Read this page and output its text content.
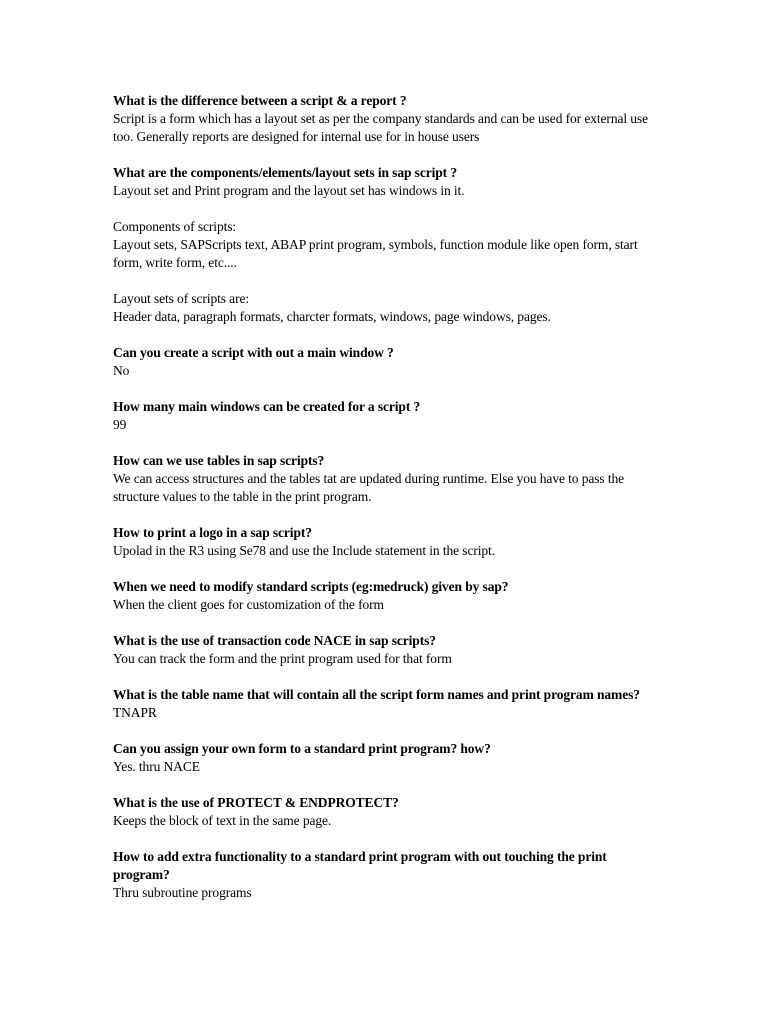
What is the difference between a script & a report ?
Script is a form which has a layout set as per the company standards and can be used for external use too. Generally reports are designed for internal use for in house users
What are the components/elements/layout sets in sap script ?
Layout set and Print program and the layout set has windows in it.
Components of scripts:
Layout sets, SAPScripts text, ABAP print program, symbols, function module like open form, start form, write form, etc....
Layout sets of scripts are:
Header data, paragraph formats, charcter formats, windows, page windows, pages.
Can you create a script with out a main window ?
No
How many main windows can be created for a script ?
99
How can we use tables in sap scripts?
We can access structures and the tables tat are updated during runtime. Else you have to pass the structure values to the table in the print program.
How to print a logo in a sap script?
Upolad in the R3 using Se78 and use the Include statement in the script.
When we need to modify standard scripts (eg:medruck) given by sap?
When the client goes for customization of the form
What is the use of transaction code NACE in sap scripts?
You can track the form and the print program used for that form
What is the table name that will contain all the script form names and print program names?
TNAPR
Can you assign your own form to a standard print program? how?
Yes. thru NACE
What is the use of PROTECT & ENDPROTECT?
Keeps the block of text in the same page.
How to add extra functionality to a standard print program with out touching the print program?
Thru subroutine programs
